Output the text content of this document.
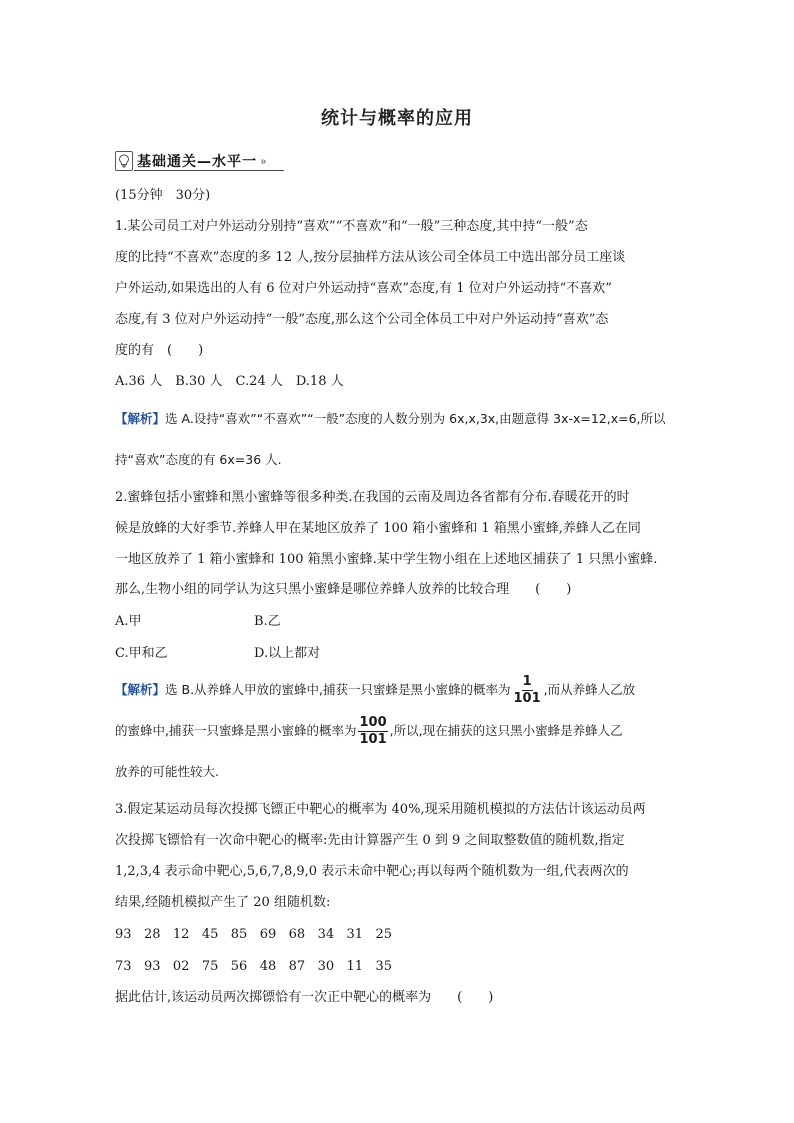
统计与概率的应用
基础通关—水平一 »
(15分钟　30分)
1.某公司员工对户外运动分别持“喜欢”“不喜欢”和“一般”三种态度,其中持“一般”态
度的比持“不喜欢”态度的多 12 人,按分层抽样方法从该公司全体员工中选出部分员工座谈
户外运动,如果选出的人有 6 位对户外运动持“喜欢”态度,有 1 位对户外运动持“不喜欢”
态度,有 3 位对户外运动持“一般”态度,那么这个公司全体员工中对户外运动持“喜欢”态
度的有　(　　)
A.36 人　B.30 人　C.24 人　D.18 人
【解析】选 A.设持“喜欢”“不喜欢”“一般”态度的人数分别为 6x,x,3x,由题意得 3x-x=12,x=6,所以
持“喜欢”态度的有 6x=36 人.
2.蜜蜂包括小蜜蜂和黑小蜜蜂等很多种类.在我国的云南及周边各省都有分布.春暖花开的时
候是放蜂的大好季节.养蜂人甲在某地区放养了 100 箱小蜜蜂和 1 箱黑小蜜蜂,养蜂人乙在同
一地区放养了 1 箱小蜜蜂和 100 箱黑小蜜蜂.某中学生物小组在上述地区捕获了 1 只黑小蜜蜂.
那么,生物小组的同学认为这只黑小蜜蜂是哪位养蜂人放养的比较合理　　(　　)
A.甲	B.乙
C.甲和乙	D.以上都对
【解析】选 B.从养蜂人甲放的蜜蜂中,捕获一只蜜蜂是黑小蜜蜂的概率为 $\frac{1}{101}$ ,而从养蜂人乙放
的蜜蜂中,捕获一只蜜蜂是黑小蜜蜂的概率为 $\frac{100}{101}$ ,所以,现在捕获的这只黑小蜜蜂是养蜂人乙
放养的可能性较大.
3.假定某运动员每次投掷飞镖正中靶心的概率为 40%,现采用随机模拟的方法估计该运动员两
次投掷飞镖恰有一次命中靶心的概率:先由计算器产生 0 到 9 之间取整数值的随机数,指定
1,2,3,4 表示命中靶心,5,6,7,8,9,0 表示未命中靶心;再以每两个随机数为一组,代表两次的
结果,经随机模拟产生了 20 组随机数:
93   28   12   45   85   69   68   34   31   25
73   93   02   75   56   48   87   30   11   35
据此估计,该运动员两次掷镖恰有一次正中靶心的概率为　　(　　)
